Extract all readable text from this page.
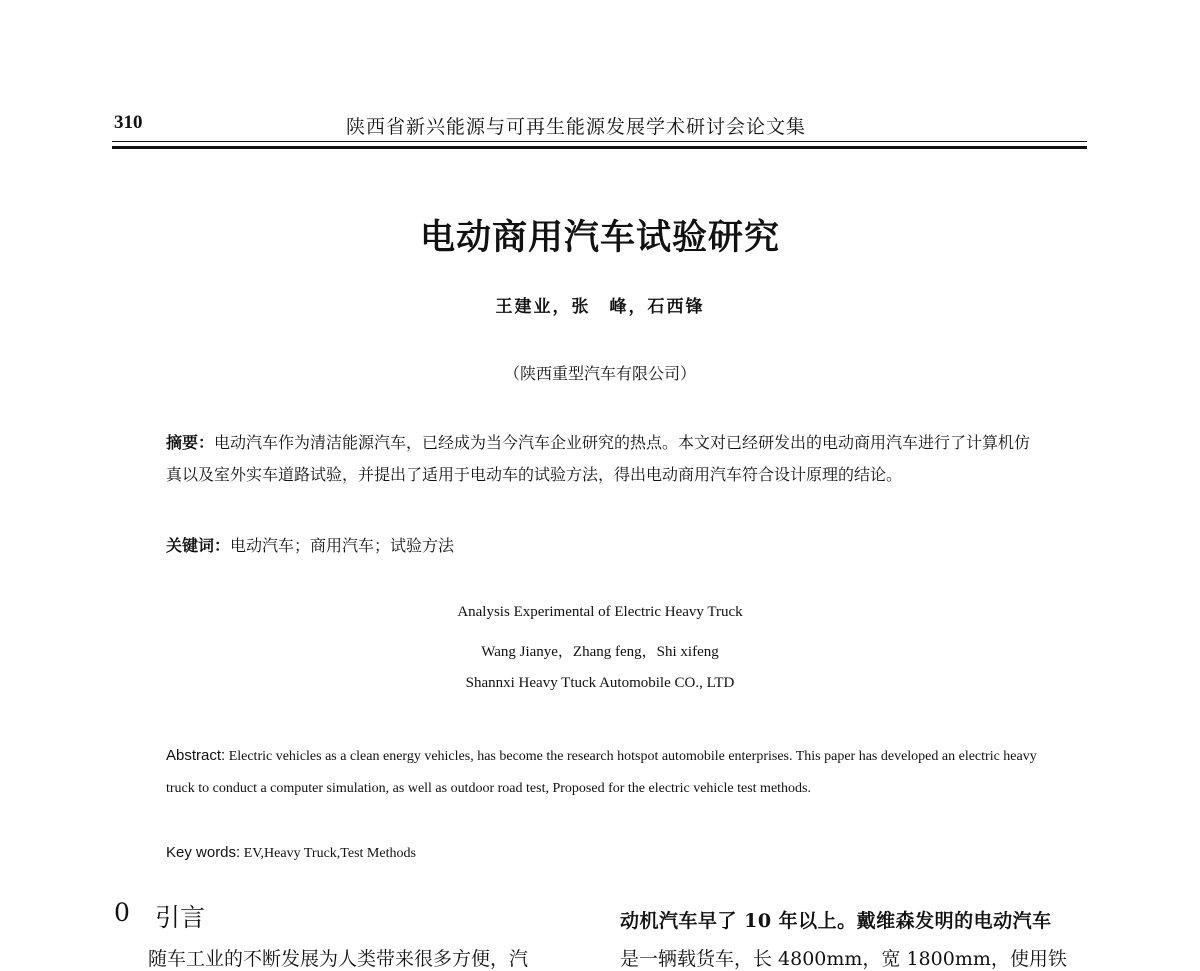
310	陕西省新兴能源与可再生能源发展学术研讨会论文集
电动商用汽车试验研究
王建业，张　峰，石西锋
（陕西重型汽车有限公司）
摘要：电动汽车作为清洁能源汽车，已经成为当今汽车企业研究的热点。本文对已经研发出的电动商用汽车进行了计算机仿真以及室外实车道路试验，并提出了适用于电动车的试验方法，得出电动商用汽车符合设计原理的结论。
关键词：电动汽车；商用汽车；试验方法
Analysis Experimental of Electric Heavy Truck
Wang Jianye，Zhang feng，Shi xifeng
Shannxi Heavy Ttuck Automobile CO., LTD
Abstract: Electric vehicles as a clean energy vehicles, has become the research hotspot automobile enterprises. This paper has developed an electric heavy truck to conduct a computer simulation, as well as outdoor road test, Proposed for the electric vehicle test methods.
Key words: EV,Heavy Truck,Test Methods
0 引言
随车工业的不断发展为人类带来很多方便，汽
动机汽车早了 10 年以上。戴维森发明的电动汽车
是一辆载货车，长 4800mm，宽 1800mm，使用铁
